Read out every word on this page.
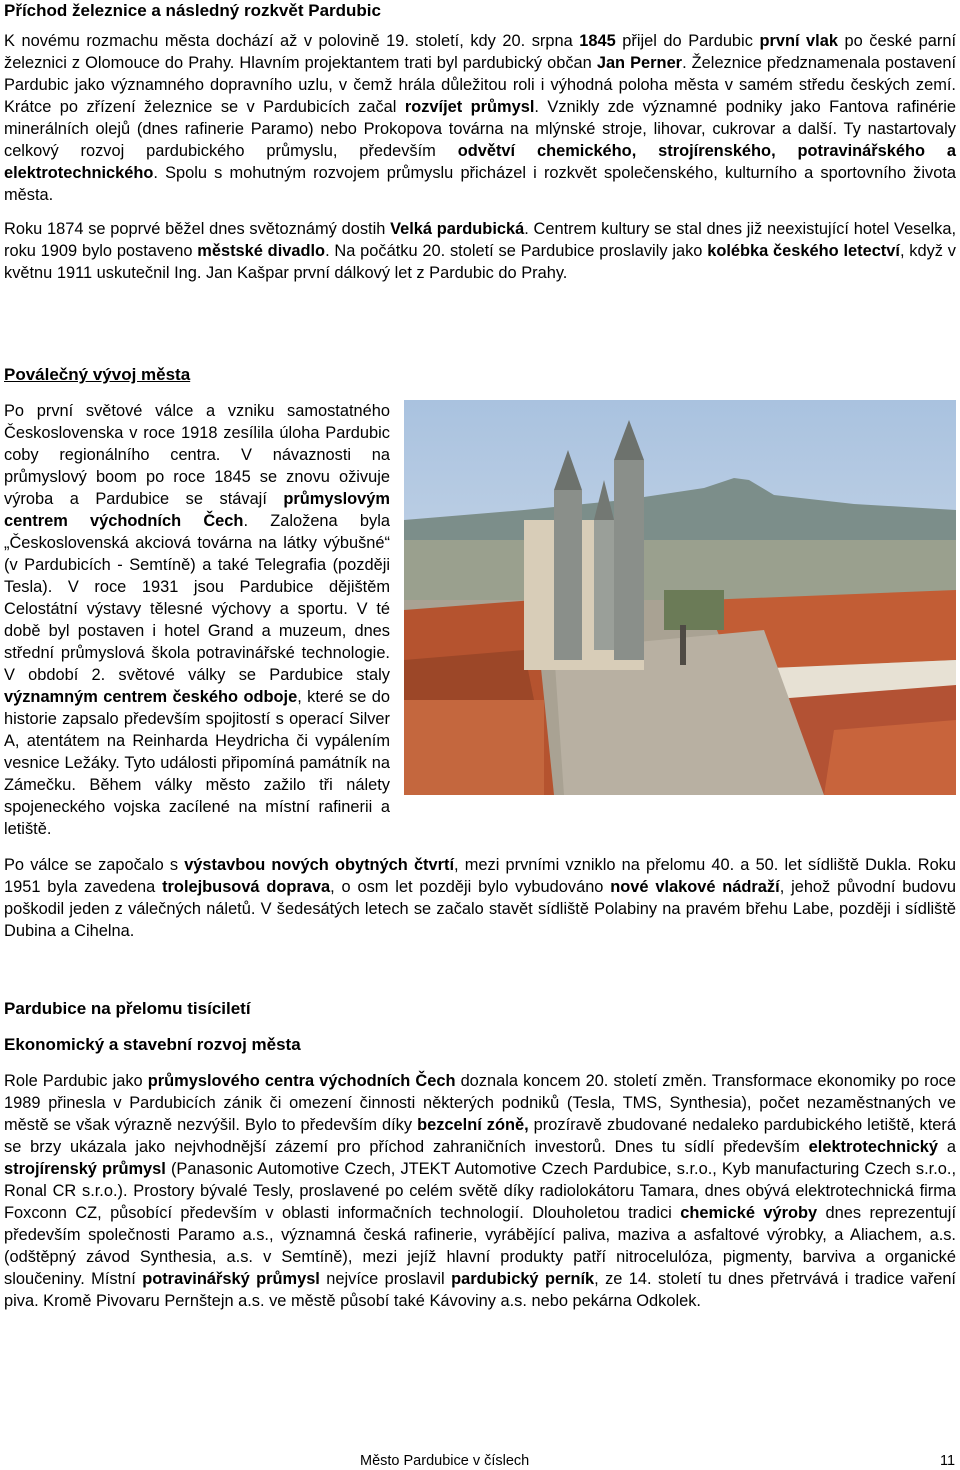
Příchod železnice a následný rozkvět Pardubic

K novému rozmachu města dochází až v polovině 19. století, kdy 20. srpna 1845 přijel do Pardubic první vlak po české parní železnici z Olomouce do Prahy. Hlavním projektantem trati byl pardubický občan Jan Perner. Železnice předznamenala postavení Pardubic jako významného dopravního uzlu, v čemž hrála důležitou roli i výhodná poloha města v samém středu českých zemí. Krátce po zřízení železnice se v Pardubicích začal rozvíjet průmysl. Vznikly zde významné podniky jako Fantova rafinérie minerálních olejů (dnes rafinerie Paramo) nebo Prokopova továrna na mlýnské stroje, lihovar, cukrovar a další. Ty nastartovaly celkový rozvoj pardubického průmyslu, především odvětví chemického, strojírenského, potravinářského a elektrotechnického. Spolu s mohutným rozvojem průmyslu přicházel i rozkvět společenského, kulturního a sportovního života města.

Roku 1874 se poprvé běžel dnes světoznámý dostih Velká pardubická. Centrem kultury se stal dnes již neexistující hotel Veselka, roku 1909 bylo postaveno městské divadlo. Na počátku 20. století se Pardubice proslavily jako kolébka českého letectví, když v květnu 1911 uskutečnil Ing. Jan Kašpar první dálkový let z Pardubic do Prahy.

Poválečný vývoj města

Po první světové válce a vzniku samostatného Československa v roce 1918 zesílila úloha Pardubic coby regionálního centra. V návaznosti na průmyslový boom po roce 1845 se znovu oživuje výroba a Pardubice se stávají průmyslovým centrem východních Čech. Založena byla „Československá akciová továrna na látky výbušné“ (v Pardubicích - Semtíně) a také Telegrafia (později Tesla). V roce 1931 jsou Pardubice dějištěm Celostátní výstavy tělesné výchovy a sportu. V té době byl postaven i hotel Grand a muzeum, dnes střední průmyslová škola potravinářské technologie. V období 2. světové války se Pardubice staly významným centrem českého odboje, které se do historie zapsalo především spojitostí s operací Silver A, atentátem na Reinharda Heydricha či vypálením vesnice Ležáky. Tyto události připomíná památník na Zámečku. Během války město zažilo tři nálety spojeneckého vojska zacílené na místní rafinerii a letiště.

Po válce se započalo s výstavbou nových obytných čtvrtí, mezi prvními vzniklo na přelomu 40. a 50. let sídliště Dukla. Roku 1951 byla zavedena trolejbusová doprava, o osm let později bylo vybudováno nové vlakové nádraží, jehož původní budovu poškodil jeden z válečných náletů. V šedesátých letech se začalo stavět sídliště Polabiny na pravém břehu Labe, později i sídliště Dubina a Cihelna.

Pardubice na přelomu tisíciletí
Ekonomický a stavební rozvoj města

Role Pardubic jako průmyslového centra východních Čech doznala koncem 20. století změn. Transformace ekonomiky po roce 1989 přinesla v Pardubicích zánik či omezení činnosti některých podniků (Tesla, TMS, Synthesia), počet nezaměstnaných ve městě se však výrazně nezvýšil. Bylo to především díky bezcelní zóně, prozíravě zbudované nedaleko pardubického letiště, která se brzy ukázala jako nejvhodnější zázemí pro příchod zahraničních investorů. Dnes tu sídlí především elektrotechnický a strojírenský průmysl (Panasonic Automotive Czech, JTEKT Automotive Czech Pardubice, s.r.o., Kyb manufacturing Czech s.r.o., Ronal CR s.r.o.). Prostory bývalé Tesly, proslavené po celém světě díky radiolokátoru Tamara, dnes obývá elektrotechnická firma Foxconn CZ, působící především v oblasti informačních technologií. Dlouholetou tradici chemické výroby dnes reprezentují především společnosti Paramo a.s., významná česká rafinerie, vyrábějící paliva, maziva a asfaltové výrobky, a Aliachem, a.s. (odštěpný závod Synthesia, a.s. v Semtíně), mezi jejíž hlavní produkty patří nitrocelulóza, pigmenty, barviva a organické sloučeniny. Místní potravinářský průmysl nejvíce proslavil pardubický perník, ze 14. století tu dnes přetrvává i tradice vaření piva. Kromě Pivovaru Pernštejn a.s. ve městě působí také Kávoviny a.s. nebo pekárna Odkolek.

Město Pardubice v číslech	11
